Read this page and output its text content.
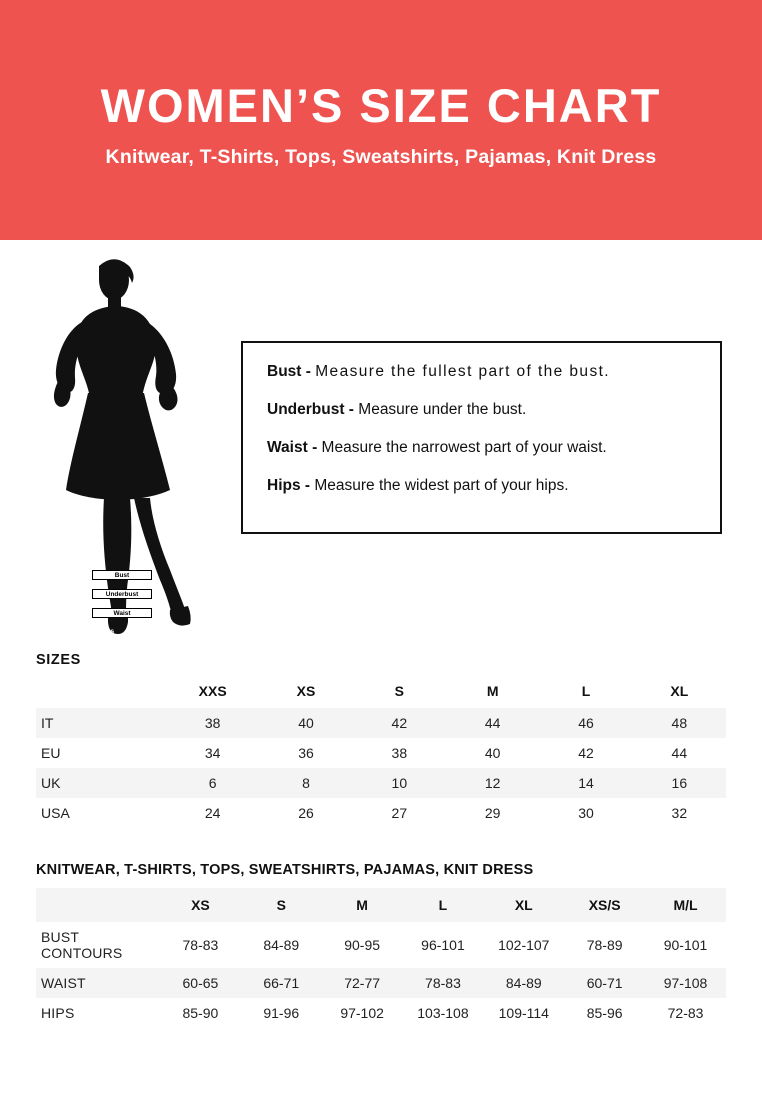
WOMEN’S SIZE CHART
Knitwear, T-Shirts, Tops, Sweatshirts, Pajamas, Knit Dress
Bust
Underbust
Waist
Hips
Bust - Measure the fullest part of the bust.
Underbust - Measure under the bust.
Waist - Measure the narrowest part of your waist.
Hips - Measure the widest part of your hips.
SIZES
	XXS	XS	S	M	L	XL
IT	38	40	42	44	46	48
EU	34	36	38	40	42	44
UK	6	8	10	12	14	16
USA	24	26	27	29	30	32
KNITWEAR, T-SHIRTS, TOPS, SWEATSHIRTS, PAJAMAS, KNIT DRESS
	XS	S	M	L	XL	XS/S	M/L
BUST CONTOURS	78-83	84-89	90-95	96-101	102-107	78-89	90-101
WAIST	60-65	66-71	72-77	78-83	84-89	60-71	97-108
HIPS	85-90	91-96	97-102	103-108	109-114	85-96	72-83
